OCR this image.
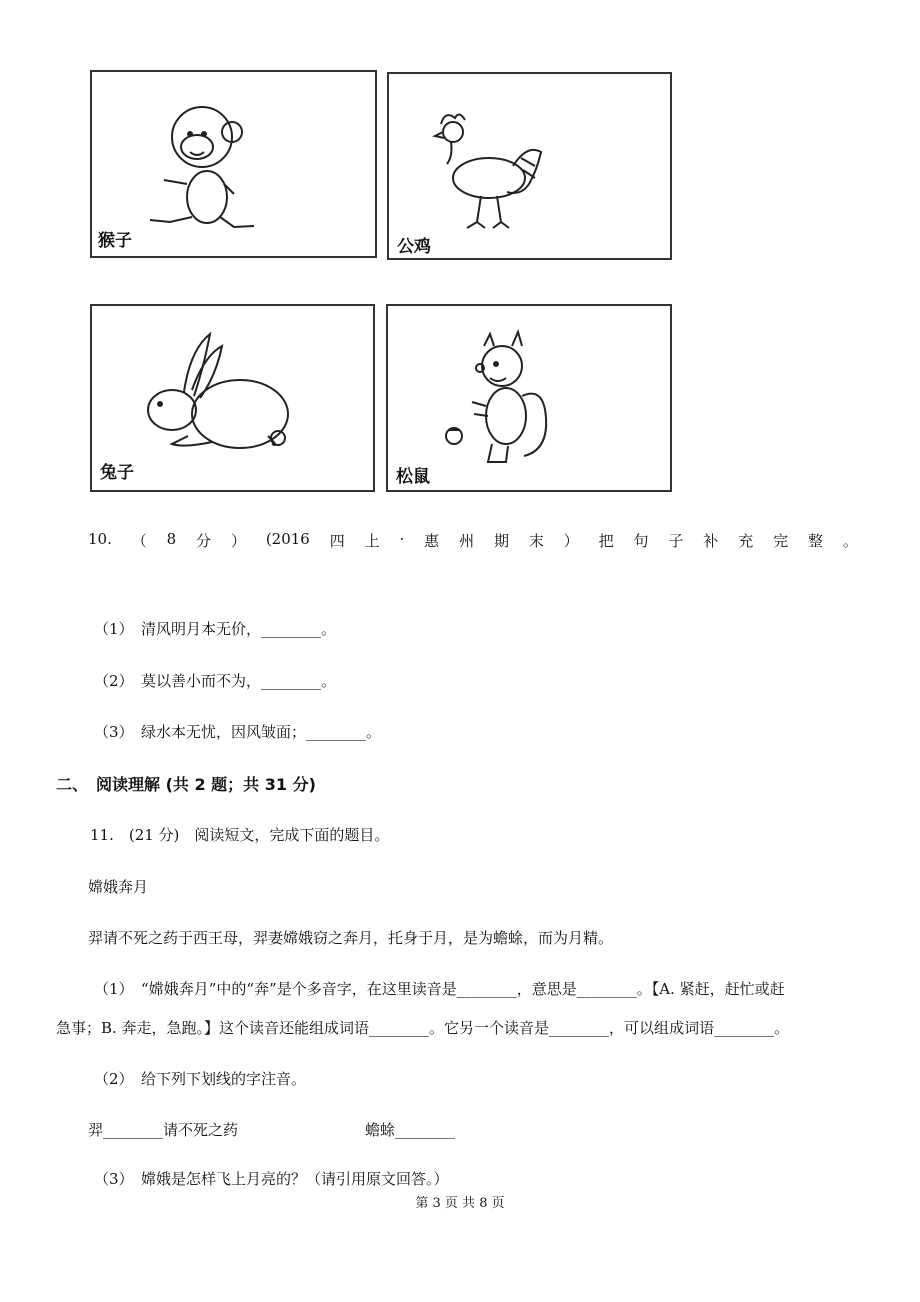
猴子	公鸡
兔子	松鼠
10. （ 8 分 ） (2016 四 上 · 惠 州 期 末 ） 把 句 子 补 充 完 整 。
（1）　清风明月本无价，________。
（2）　莫以善小而不为，________。
（3）　绿水本无忧，因风皱面；________。
二、　阅读理解 (共 2 题；共 31 分)
11.　(21 分)　阅读短文，完成下面的题目。
嫦娥奔月
羿请不死之药于西王母，羿妻嫦娥窃之奔月，托身于月，是为蟾蜍，而为月精。
（1）　“嫦娥奔月”中的“奔”是个多音字，在这里读音是________，意思是________。【A. 紧赶，赶忙或赶
急事；B. 奔走，急跑。】这个读音还能组成词语________。它另一个读音是________，可以组成词语________。
（2）　给下列下划线的字注音。
羿________请不死之药	蟾蜍________
（3）　嫦娥是怎样飞上月亮的？（请引用原文回答。）
第 3 页 共 8 页
